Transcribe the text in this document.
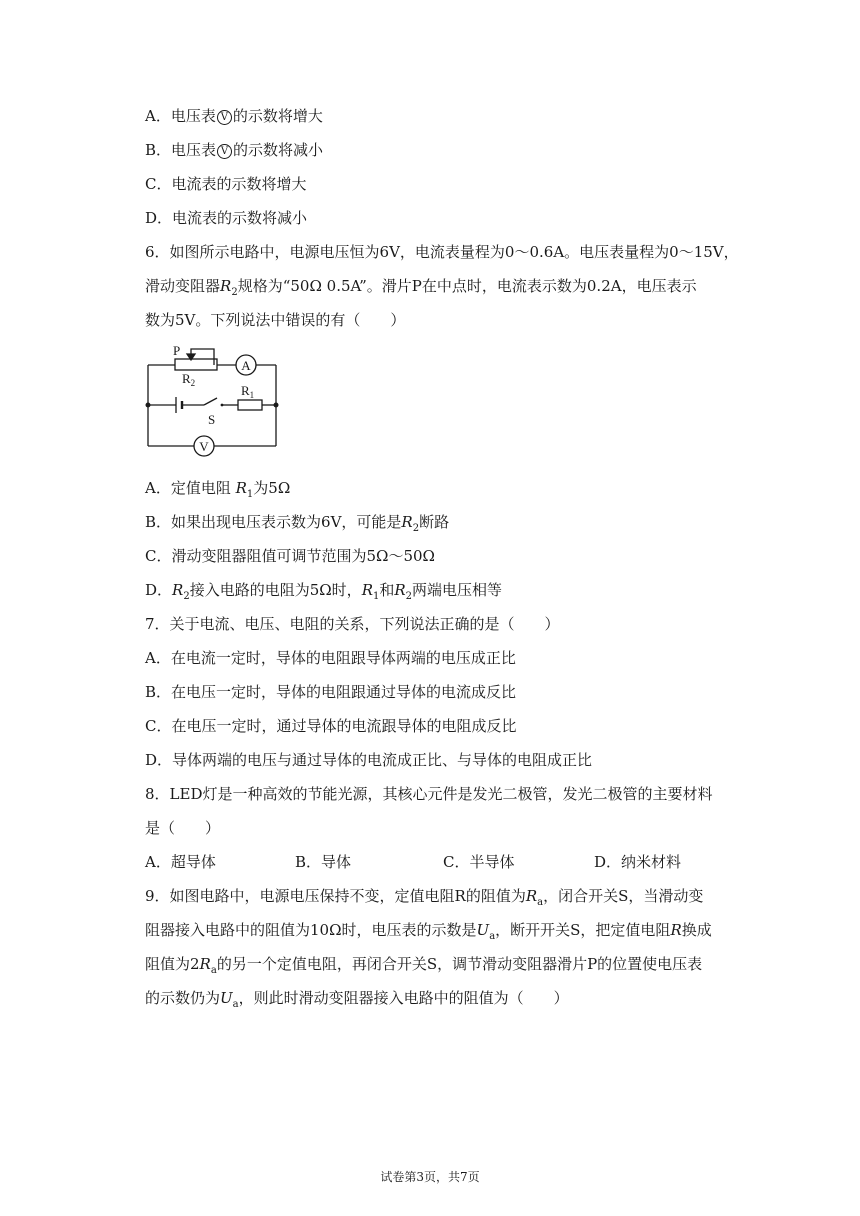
A．电压表 V 的示数将增大
B．电压表 V 的示数将减小
C．电流表的示数将增大
D．电流表的示数将减小
6．如图所示电路中，电源电压恒为6V，电流表量程为0～0.6A。电压表量程为0～15V，
滑动变阻器$R_2$规格为“50Ω 0.5A”。滑片P在中点时，电流表示数为0.2A，电压表示
数为5V。下列说法中错误的有（　　）
P
$R_2$	$R_1$
S
A
V
A．定值电阻 $R_1$为5Ω
B．如果出现电压表示数为6V，可能是$R_2$断路
C．滑动变阻器阻值可调节范围为5Ω～50Ω
D．$R_2$接入电路的电阻为5Ω时，$R_1$和$R_2$两端电压相等
7．关于电流、电压、电阻的关系，下列说法正确的是（　　）
A．在电流一定时，导体的电阻跟导体两端的电压成正比
B．在电压一定时，导体的电阻跟通过导体的电流成反比
C．在电压一定时，通过导体的电流跟导体的电阻成反比
D．导体两端的电压与通过导体的电流成正比、与导体的电阻成正比
8．LED灯是一种高效的节能光源，其核心元件是发光二极管，发光二极管的主要材料
是（　　）
A．超导体	B．导体	C．半导体	D．纳米材料
9．如图电路中，电源电压保持不变，定值电阻R的阻值为$R_a$，闭合开关S，当滑动变
阻器接入电路中的阻值为10Ω时，电压表的示数是$U_a$，断开开关S，把定值电阻R换成
阻值为$2R_a$的另一个定值电阻，再闭合开关S，调节滑动变阻器滑片P的位置使电压表
的示数仍为$U_a$，则此时滑动变阻器接入电路中的阻值为（　　）
试卷第3页，共7页
